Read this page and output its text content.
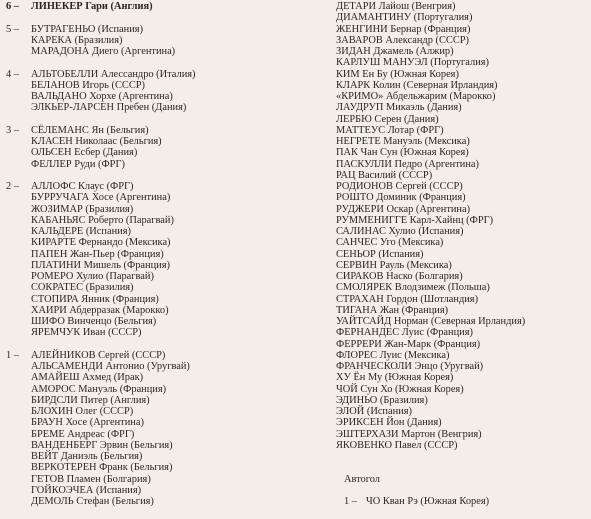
6 –	ЛИНЕКЕР Гари (Англия)
5 –	БУТРАГЕНЬО (Испания)
КАРЕКА (Бразилия)
МАРАДОНА Диего (Аргентина)
4 –	АЛЬТОБЕЛЛИ Алессандро (Италия)
БЕЛАНОВ Игорь (СССР)
ВАЛЬДАНО Хорхе (Аргентина)
ЭЛКЬЕР-ЛАРСЕН Пребен (Дания)
3 –	СЁЛЕМАНС Ян (Бельгия)
КЛАСЕН Николаас (Бельгия)
ОЛЬСЕН Есбер (Дания)
ФЕЛЛЕР Руди (ФРГ)
2 –	АЛЛОФС Клаус (ФРГ)
БУРРУЧАГА Хосе (Аргентина)
ЖОЗИМАР (Бразилия)
КАБАНЬЯС Роберто (Парагвай)
КАЛЬДЕРЕ (Испания)
КИРАРТЕ Фернандо (Мексика)
ПАПЕН Жан-Пьер (Франция)
ПЛАТИНИ Мишель (Франция)
РОМЕРО Хулио (Парагвай)
СОКРАТЕС (Бразилия)
СТОПИРА Янник (Франция)
ХАИРИ Абдерразак (Марокко)
ШИФО Винченцо (Бельгия)
ЯРЕМЧУК Иван (СССР)
1 –	АЛЕЙНИКОВ Сергей (СССР)
АЛЬСАМЕНДИ Антонио (Уругвай)
АМАЙЕШ Ахмед (Ирак)
АМОРОС Мануэль (Франция)
БИРДСЛИ Питер (Англия)
БЛОХИН Олег (СССР)
БРАУН Хосе (Аргентина)
БРЕМЕ Андреас (ФРГ)
ВАНДЕНБЕРГ Эрвин (Бельгия)
ВЕЙТ Даниэль (Бельгия)
ВЕРКОТЕРЕН Франк (Бельгия)
ГЕТОВ Пламен (Болгария)
ГОЙКОЭЧЕА (Испания)
ДЕМОЛЬ Стефан (Бельгия)
ДЕТАРИ Лайош (Венгрия)
ДИАМАНТИНУ (Португалия)
ЖЕНГИНИ Бернар (Франция)
ЗАВАРОВ Александр (СССР)
ЗИДАН Джамель (Алжир)
КАРЛУШ МАНУЭЛ (Португалия)
КИМ Ен Бу (Южная Корея)
КЛАРК Колин (Северная Ирландия)
«КРИМО» Абдельжарим (Марокко)
ЛАУДРУП Микаэль (Дания)
ЛЕРБЮ Серен (Дания)
МАТТЕУС Лотар (ФРГ)
НЕГРЕТЕ Мануэль (Мексика)
ПАК Чан Сун (Южная Корея)
ПАСКУЛЛИ Педро (Аргентина)
РАЦ Василий (СССР)
РОДИОНОВ Сергей (СССР)
РОШТО Доминик (Франция)
РУДЖЕРИ Оскар (Аргентина)
РУММЕНИГГЕ Карл-Хайнц (ФРГ)
САЛИНАС Хулио (Испания)
САНЧЕС Уго (Мексика)
СЕНЬОР (Испания)
СЕРВИН Рауль (Мексика)
СИРАКОВ Наско (Болгария)
СМОЛЯРЕК Влодзимеж (Польша)
СТРАХАН Гордон (Шотландия)
ТИГАНА Жан (Франция)
УАЙТСАЙД Норман (Северная Ирландия)
ФЕРНАНДЕС Луис (Франция)
ФЕРРЕРИ Жан-Марк (Франция)
ФЛОРЕС Луис (Мексика)
ФРАНЧЕСКОЛИ Энцо (Уругвай)
ХУ Ён Му (Южная Корея)
ЧОЙ Сун Хо (Южная Корея)
ЭДИНЬО (Бразилия)
ЭЛОЙ (Испания)
ЭРИКСЕН Йон (Дания)
ЭШТЕРХАЗИ Мартон (Венгрия)
ЯКОВЕНКО Павел (СССР)
Автогол
1 – ЧО Кван Рэ (Южная Корея)
